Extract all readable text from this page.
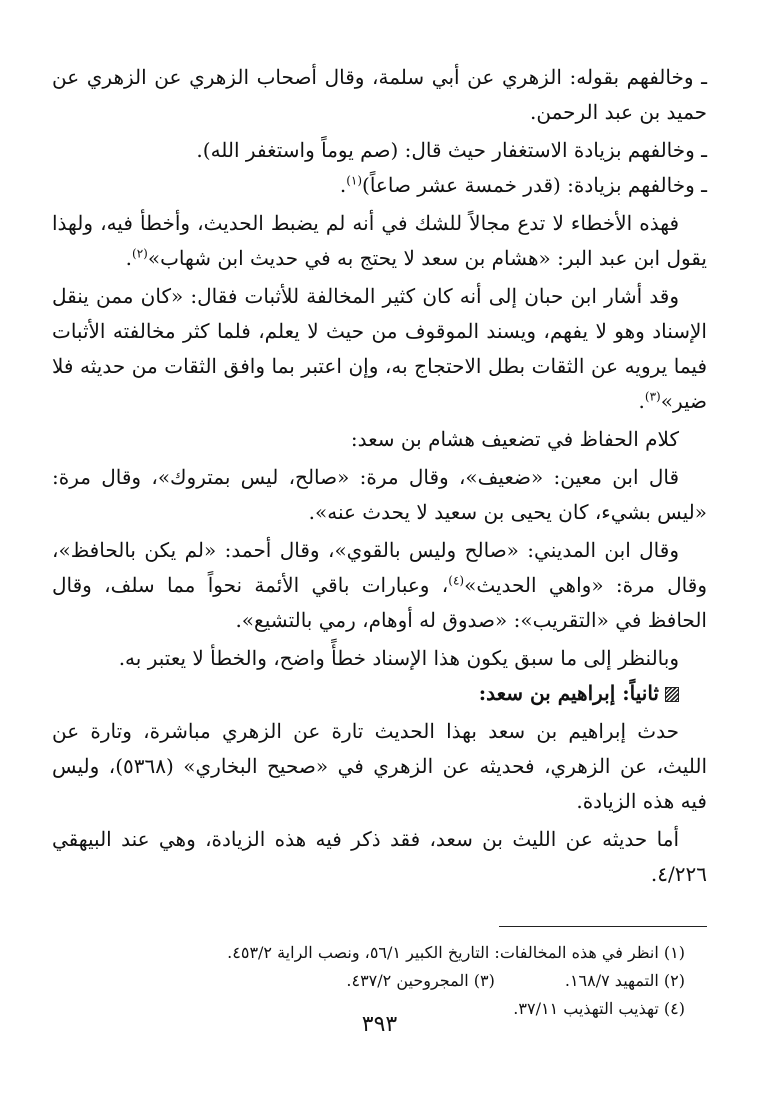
ـ وخالفهم بقوله: الزهري عن أبي سلمة، وقال أصحاب الزهري عن الزهري عن حميد بن عبد الرحمن.

ـ وخالفهم بزيادة الاستغفار حيث قال: (صم يوماً واستغفر الله).

ـ وخالفهم بزيادة: (قدر خمسة عشر صاعاً)$^{(١)}$.

فهذه الأخطاء لا تدع مجالاً للشك في أنه لم يضبط الحديث، وأخطأ فيه، ولهذا يقول ابن عبد البر: «هشام بن سعد لا يحتج به في حديث ابن شهاب»$^{(٢)}$.

وقد أشار ابن حبان إلى أنه كان كثير المخالفة للأثبات فقال: «كان ممن ينقل الإسناد وهو لا يفهم، ويسند الموقوف من حيث لا يعلم، فلما كثر مخالفته الأثبات فيما يرويه عن الثقات بطل الاحتجاج به، وإن اعتبر بما وافق الثقات من حديثه فلا ضير»$^{(٣)}$.

كلام الحفاظ في تضعيف هشام بن سعد:

قال ابن معين: «ضعيف»، وقال مرة: «صالح، ليس بمتروك»، وقال مرة: «ليس بشيء، كان يحيى بن سعيد لا يحدث عنه».

وقال ابن المديني: «صالح وليس بالقوي»، وقال أحمد: «لم يكن بالحافظ»، وقال مرة: «واهي الحديث»$^{(٤)}$، وعبارات باقي الأئمة نحواً مما سلف، وقال الحافظ في «التقريب»: «صدوق له أوهام، رمي بالتشيع».

وبالنظر إلى ما سبق يكون هذا الإسناد خطأً واضح، والخطأ لا يعتبر به.

ثانياً: إبراهيم بن سعد:

حدث إبراهيم بن سعد بهذا الحديث تارة عن الزهري مباشرة، وتارة عن الليث، عن الزهري، فحديثه عن الزهري في «صحيح البخاري» (٥٣٦٨)، وليس فيه هذه الزيادة.

أما حديثه عن الليث بن سعد، فقد ذكر فيه هذه الزيادة، وهي عند البيهقي ٤/٢٢٦.

(١) انظر في هذه المخالفات: التاريخ الكبير ٥٦/١، ونصب الراية ٤٥٣/٢.

(٢) التمهيد ١٦٨/٧.

(٣) المجروحين ٤٣٧/٢.

(٤) تهذيب التهذيب ٣٧/١١.

٣٩٣
